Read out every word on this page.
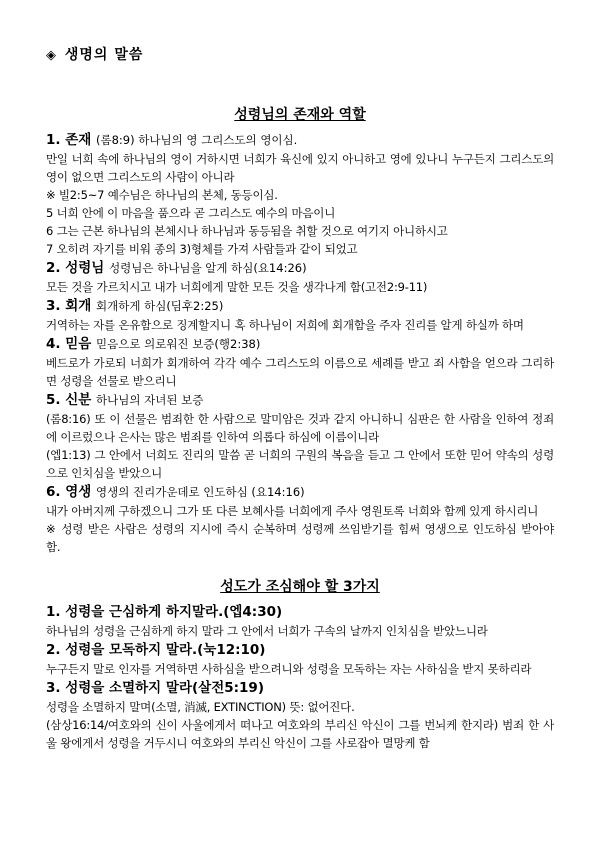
◈ 생명의 말씀
성령님의 존재와 역할
1. 존재 (롬8:9) 하나님의 영 그리스도의 영이심.

만일 너희 속에 하나님의 영이 거하시면 너희가 육신에 있지 아니하고 영에 있나니 누구든지 그리스도의 영이 없으면 그리스도의 사람이 아니라

※ 빌2:5~7 예수님은 하나님의 본체, 동등이심.

5 너희 안에 이 마음을 품으라 곧 그리스도 예수의 마음이니

6 그는 근본 하나님의 본체시나 하나님과 동등됨을 취할 것으로 여기지 아니하시고

7 오히려 자기를 비워 종의 3)형체를 가져 사람들과 같이 되었고

2. 성령님 성령님은 하나님을 알게 하심(요14:26)

모든 것을 가르치시고 내가 너희에게 말한 모든 것을 생각나게 함(고전2:9-11)

3. 회개 회개하게 하심(딤후2:25)

거역하는 자를 온유함으로 징계할지니 혹 하나님이 저희에 회개함을 주자 진리를 알게 하실까 하며

4. 믿음 믿음으로 의로워진 보증(행2:38)

베드로가 가로되 너희가 회개하여 각각 예수 그리스도의 이름으로 세례를 받고 죄 사함을 얻으라 그리하면 성령을 선물로 받으리니

5. 신분 하나님의 자녀된 보증

(롬8:16) 또 이 선물은 범죄한 한 사람으로 말미암은 것과 같지 아니하니 심판은 한 사람을 인하여 정죄에 이르렀으나 은사는 많은 범죄를 인하여 의롭다 하심에 이름이니라

(엡1:13) 그 안에서 너희도 진리의 말씀 곧 너희의 구원의 복음을 듣고 그 안에서 또한 믿어 약속의 성령으로 인치심을 받았으니

6. 영생 영생의 진리가운데로 인도하심 (요14:16)

내가 아버지께 구하겠으니 그가 또 다른 보혜사를 너희에게 주사 영원토록 너희와 함께 있게 하시리니

※ 성령 받은 사람은 성령의 지시에 즉시 순복하며 성령께 쓰임받기를 힘써 영생으로 인도하심 받아야 함.

성도가 조심해야 할 3가지
1. 성령을 근심하게 하지말라.(엡4:30)

하나님의 성령을 근심하게 하지 말라 그 안에서 너희가 구속의 날까지 인치심을 받았느니라

2. 성령을 모독하지 말라.(눅12:10)

누구든지 말로 인자를 거역하면 사하심을 받으려니와 성령을 모독하는 자는 사하심을 받지 못하리라

3. 성령을 소멸하지 말라(살전5:19)

성령을 소멸하지 말며(소멸, 消滅, EXTINCTION) 뜻: 없어진다.

(삼상16:14/여호와의 신이 사울에게서 떠나고 여호와의 부리신 악신이 그를 번뇌케 한지라) 범죄 한 사울 왕에게서 성령을 거두시니 여호와의 부리신 악신이 그를 사로잡아 멸망케 함
